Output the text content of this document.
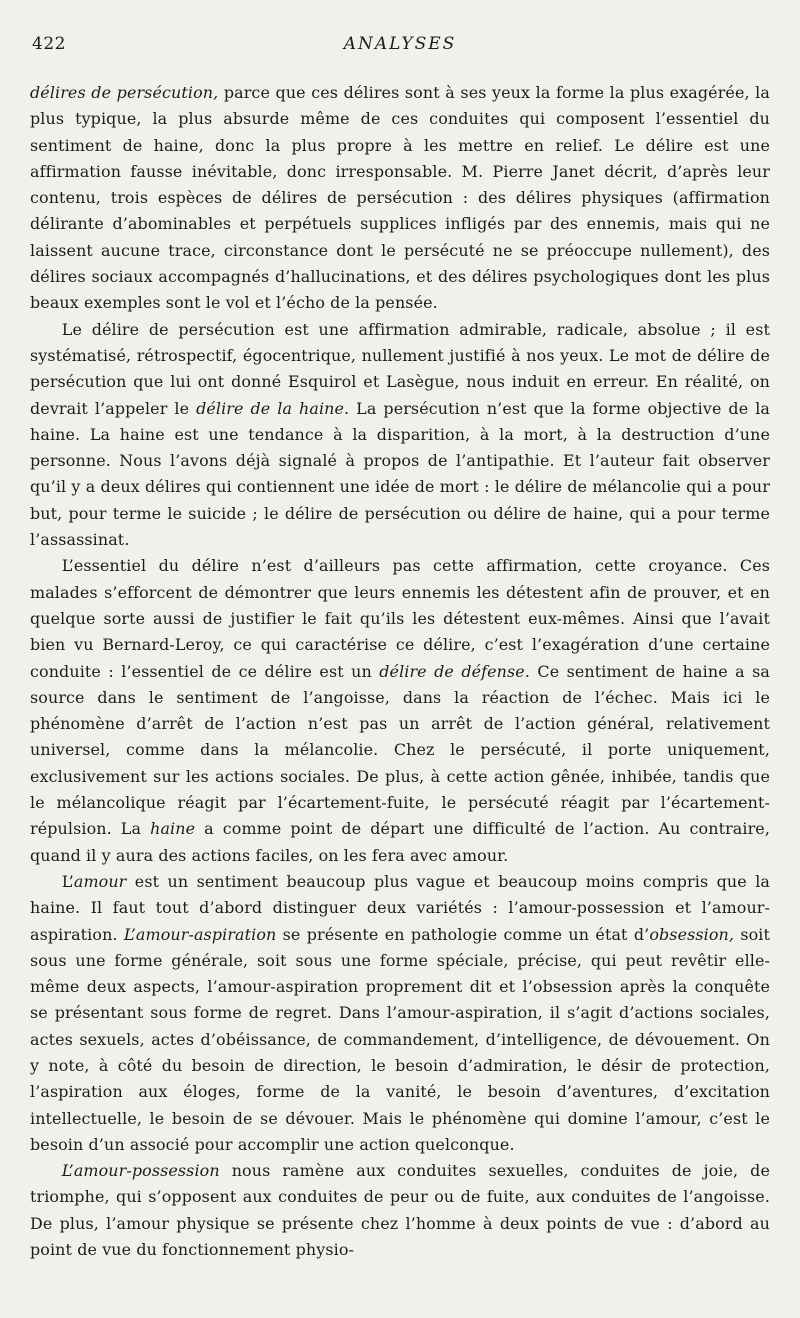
422	ANALYSES

délires de persécution, parce que ces délires sont à ses yeux la forme la plus exagérée, la plus typique, la plus absurde même de ces conduites qui composent l’essentiel du sentiment de haine, donc la plus propre à les mettre en relief. Le délire est une affirmation fausse inévitable, donc irresponsable. M. Pierre Janet décrit, d’après leur contenu, trois espèces de délires de persécution : des délires physiques (affirmation délirante d’abominables et perpétuels supplices infligés par des ennemis, mais qui ne laissent aucune trace, circonstance dont le persécuté ne se préoccupe nullement), des délires sociaux accompagnés d’hallucinations, et des délires psychologiques dont les plus beaux exemples sont le vol et l’écho de la pensée.

Le délire de persécution est une affirmation admirable, radicale, absolue ; il est systématisé, rétrospectif, égocentrique, nullement justifié à nos yeux. Le mot de délire de persécution que lui ont donné Esquirol et Lasègue, nous induit en erreur. En réalité, on devrait l’appeler le délire de la haine. La persécution n’est que la forme objective de la haine. La haine est une tendance à la disparition, à la mort, à la destruction d’une personne. Nous l’avons déjà signalé à propos de l’antipathie. Et l’auteur fait observer qu’il y a deux délires qui contiennent une idée de mort : le délire de mélancolie qui a pour but, pour terme le suicide ; le délire de persécution ou délire de haine, qui a pour terme l’assassinat.

L’essentiel du délire n’est d’ailleurs pas cette affirmation, cette croyance. Ces malades s’efforcent de démontrer que leurs ennemis les détestent afin de prouver, et en quelque sorte aussi de justifier le fait qu’ils les détestent eux-mêmes. Ainsi que l’avait bien vu Bernard-Leroy, ce qui caractérise ce délire, c’est l’exagération d’une certaine conduite : l’essentiel de ce délire est un délire de défense. Ce sentiment de haine a sa source dans le sentiment de l’angoisse, dans la réaction de l’échec. Mais ici le phénomène d’arrêt de l’action n’est pas un arrêt de l’action général, relativement universel, comme dans la mélancolie. Chez le persécuté, il porte uniquement, exclusivement sur les actions sociales. De plus, à cette action gênée, inhibée, tandis que le mélancolique réagit par l’écartement-fuite, le persécuté réagit par l’écartement-répulsion. La haine a comme point de départ une difficulté de l’action. Au contraire, quand il y aura des actions faciles, on les fera avec amour.

L’amour est un sentiment beaucoup plus vague et beaucoup moins compris que la haine. Il faut tout d’abord distinguer deux variétés : l’amour-possession et l’amour-aspiration. L’amour-aspiration se présente en pathologie comme un état d’obsession, soit sous une forme générale, soit sous une forme spéciale, précise, qui peut revêtir elle-même deux aspects, l’amour-aspiration proprement dit et l’obsession après la conquête se présentant sous forme de regret. Dans l’amour-aspiration, il s’agit d’actions sociales, actes sexuels, actes d’obéissance, de commandement, d’intelligence, de dévouement. On y note, à côté du besoin de direction, le besoin d’admiration, le désir de protection, l’aspiration aux éloges, forme de la vanité, le besoin d’aventures, d’excitation intellectuelle, le besoin de se dévouer. Mais le phénomène qui domine l’amour, c’est le besoin d’un associé pour accomplir une action quelconque.

L’amour-possession nous ramène aux conduites sexuelles, conduites de joie, de triomphe, qui s’opposent aux conduites de peur ou de fuite, aux conduites de l’angoisse. De plus, l’amour physique se présente chez l’homme à deux points de vue : d’abord au point de vue du fonctionnement physio-
